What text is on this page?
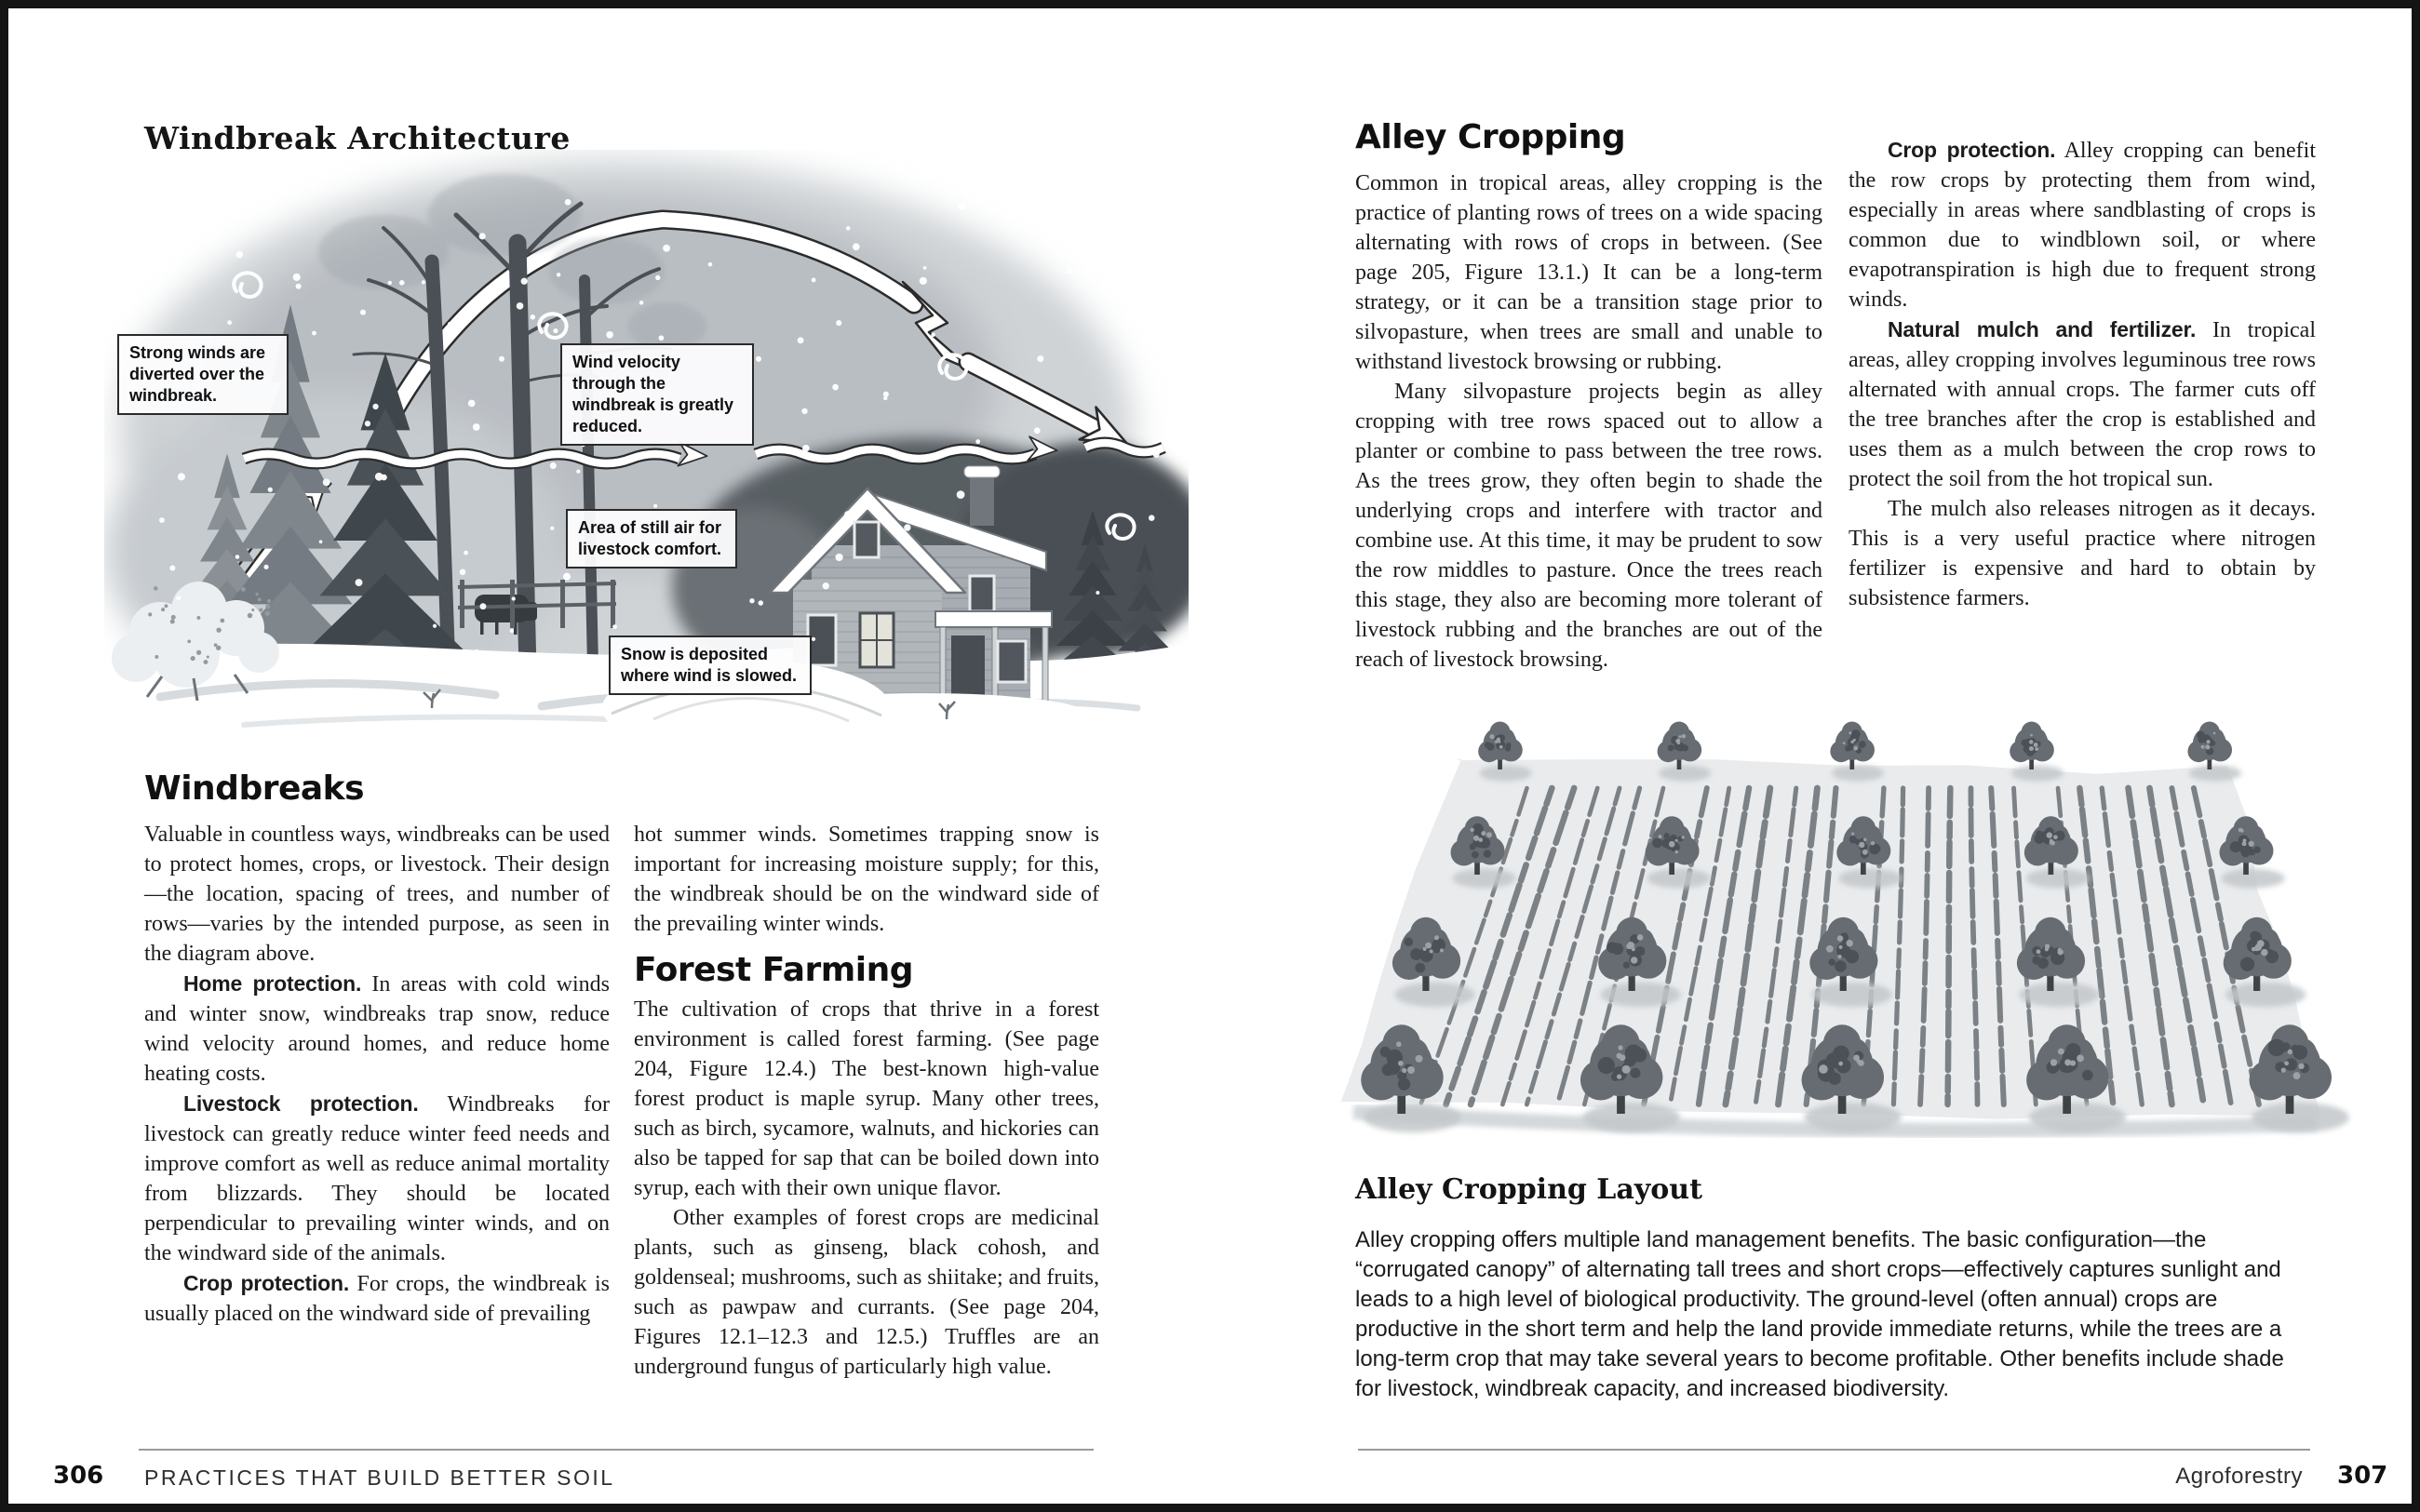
Windbreak Architecture
Strong winds are diverted over the windbreak.
Wind velocity through the windbreak is greatly reduced.
Area of still air for livestock comfort.
Snow is deposited where wind is slowed.
Windbreaks

Valuable in countless ways, windbreaks can be used to protect homes, crops, or livestock. Their design—the location, spacing of trees, and number of rows—varies by the intended purpose, as seen in the diagram above.

Home protection. In areas with cold winds and winter snow, windbreaks trap snow, reduce wind velocity around homes, and reduce home heating costs.

Livestock protection. Windbreaks for livestock can greatly reduce winter feed needs and improve comfort as well as reduce animal mortality from blizzards. They should be located perpendicular to prevailing winter winds, and on the windward side of the animals.

Crop protection. For crops, the windbreak is usually placed on the windward side of prevailing

hot summer winds. Sometimes trapping snow is important for increasing moisture supply; for this, the windbreak should be on the windward side of the prevailing winter winds.

Forest Farming

The cultivation of crops that thrive in a forest environment is called forest farming. (See page 204, Figure 12.4.) The best-known high-value forest product is maple syrup. Many other trees, such as birch, sycamore, walnuts, and hickories can also be tapped for sap that can be boiled down into syrup, each with their own unique flavor.

Other examples of forest crops are medicinal plants, such as ginseng, black cohosh, and goldenseal; mushrooms, such as shiitake; and fruits, such as pawpaw and currants. (See page 204, Figures 12.1–12.3 and 12.5.) Truffles are an underground fungus of particularly high value.

306 PRACTICES THAT BUILD BETTER SOIL
Alley Cropping

Common in tropical areas, alley cropping is the practice of planting rows of trees on a wide spacing alternating with rows of crops in between. (See page 205, Figure 13.1.) It can be a long-term strategy, or it can be a transition stage prior to silvopasture, when trees are small and unable to withstand livestock browsing or rubbing.

Many silvopasture projects begin as alley cropping with tree rows spaced out to allow a planter or combine to pass between the tree rows. As the trees grow, they often begin to shade the underlying crops and interfere with tractor and combine use. At this time, it may be prudent to sow the row middles to pasture. Once the trees reach this stage, they also are becoming more tolerant of livestock rubbing and the branches are out of the reach of livestock browsing.

Crop protection. Alley cropping can benefit the row crops by protecting them from wind, especially in areas where sandblasting of crops is common due to windblown soil, or where evapotranspiration is high due to frequent strong winds.

Natural mulch and fertilizer. In tropical areas, alley cropping involves leguminous tree rows alternated with annual crops. The farmer cuts off the tree branches after the crop is established and uses them as a mulch between the crop rows to protect the soil from the hot tropical sun.

The mulch also releases nitrogen as it decays. This is a very useful practice where nitrogen fertilizer is expensive and hard to obtain by subsistence farmers.

Alley Cropping Layout
Alley cropping offers multiple land management benefits. The basic configuration—the “corrugated canopy” of alternating tall trees and short crops—effectively captures sunlight and leads to a high level of biological productivity. The ground-level (often annual) crops are productive in the short term and help the land provide immediate returns, while the trees are a long-term crop that may take several years to become profitable. Other benefits include shade for livestock, windbreak capacity, and increased biodiversity.
Agroforestry 307
